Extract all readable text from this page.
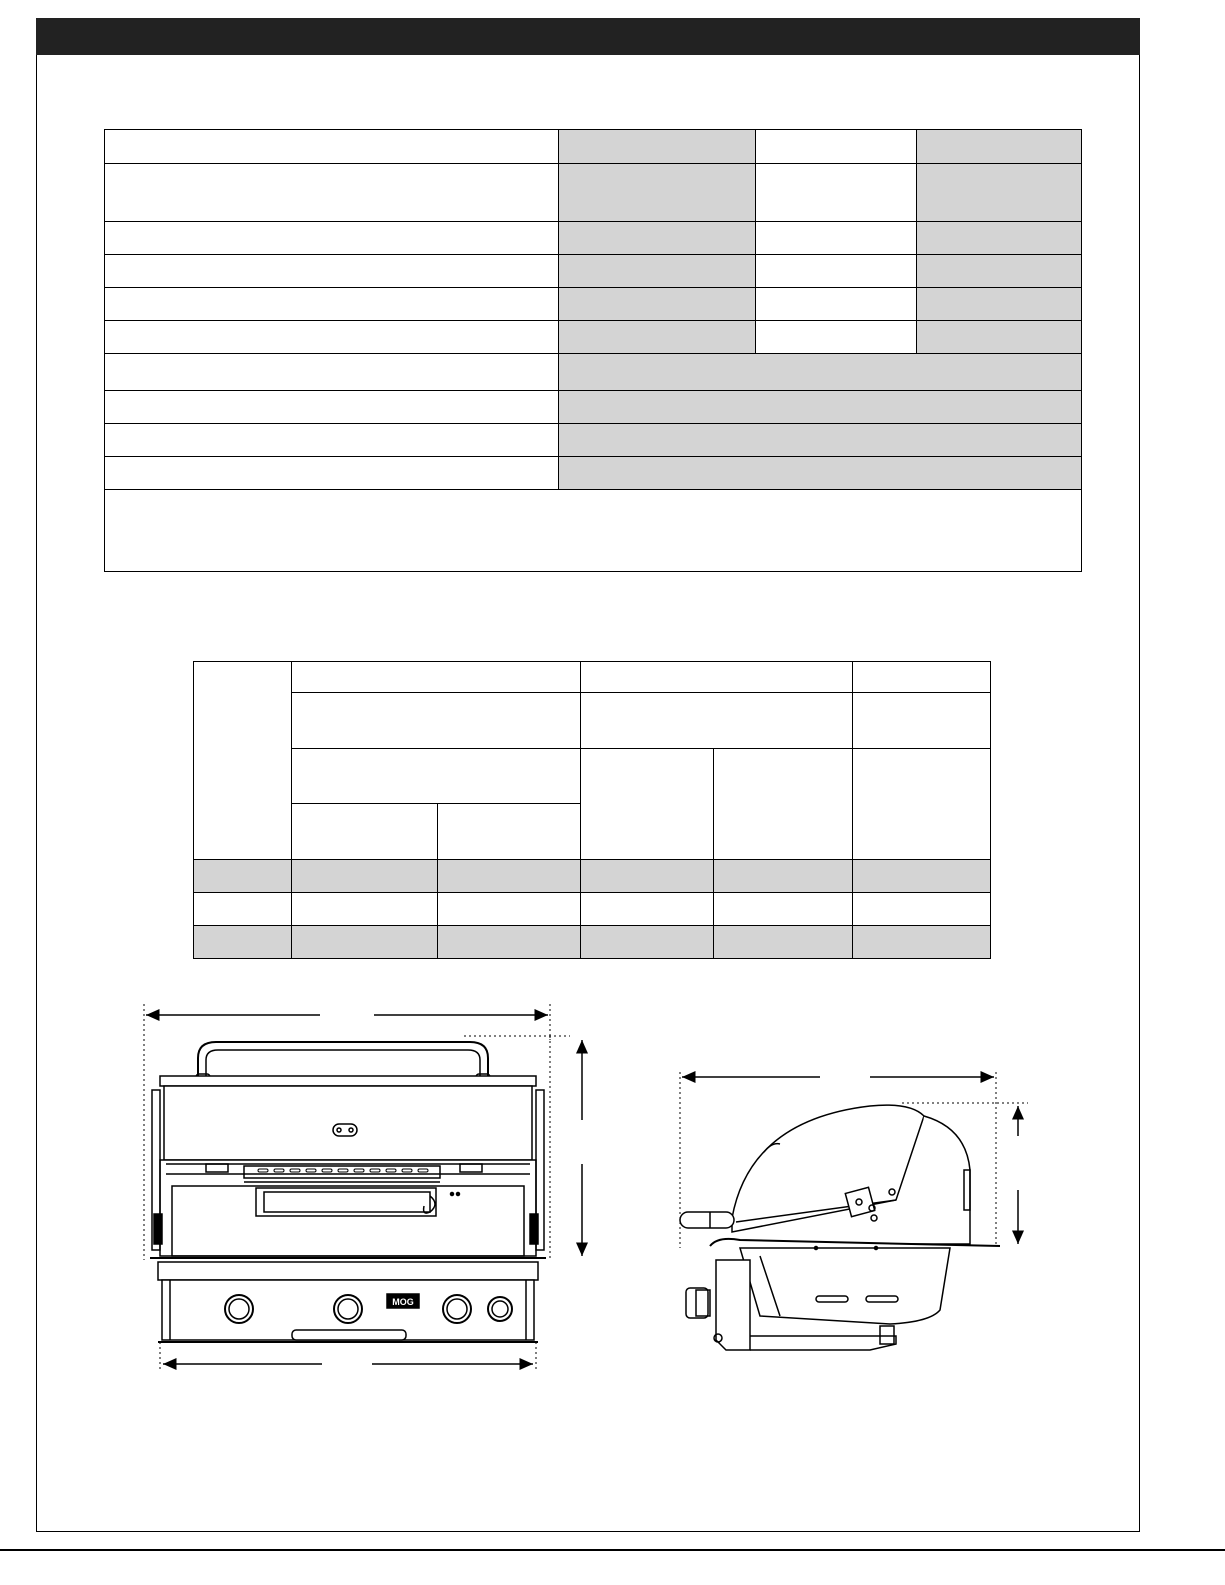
MOG
